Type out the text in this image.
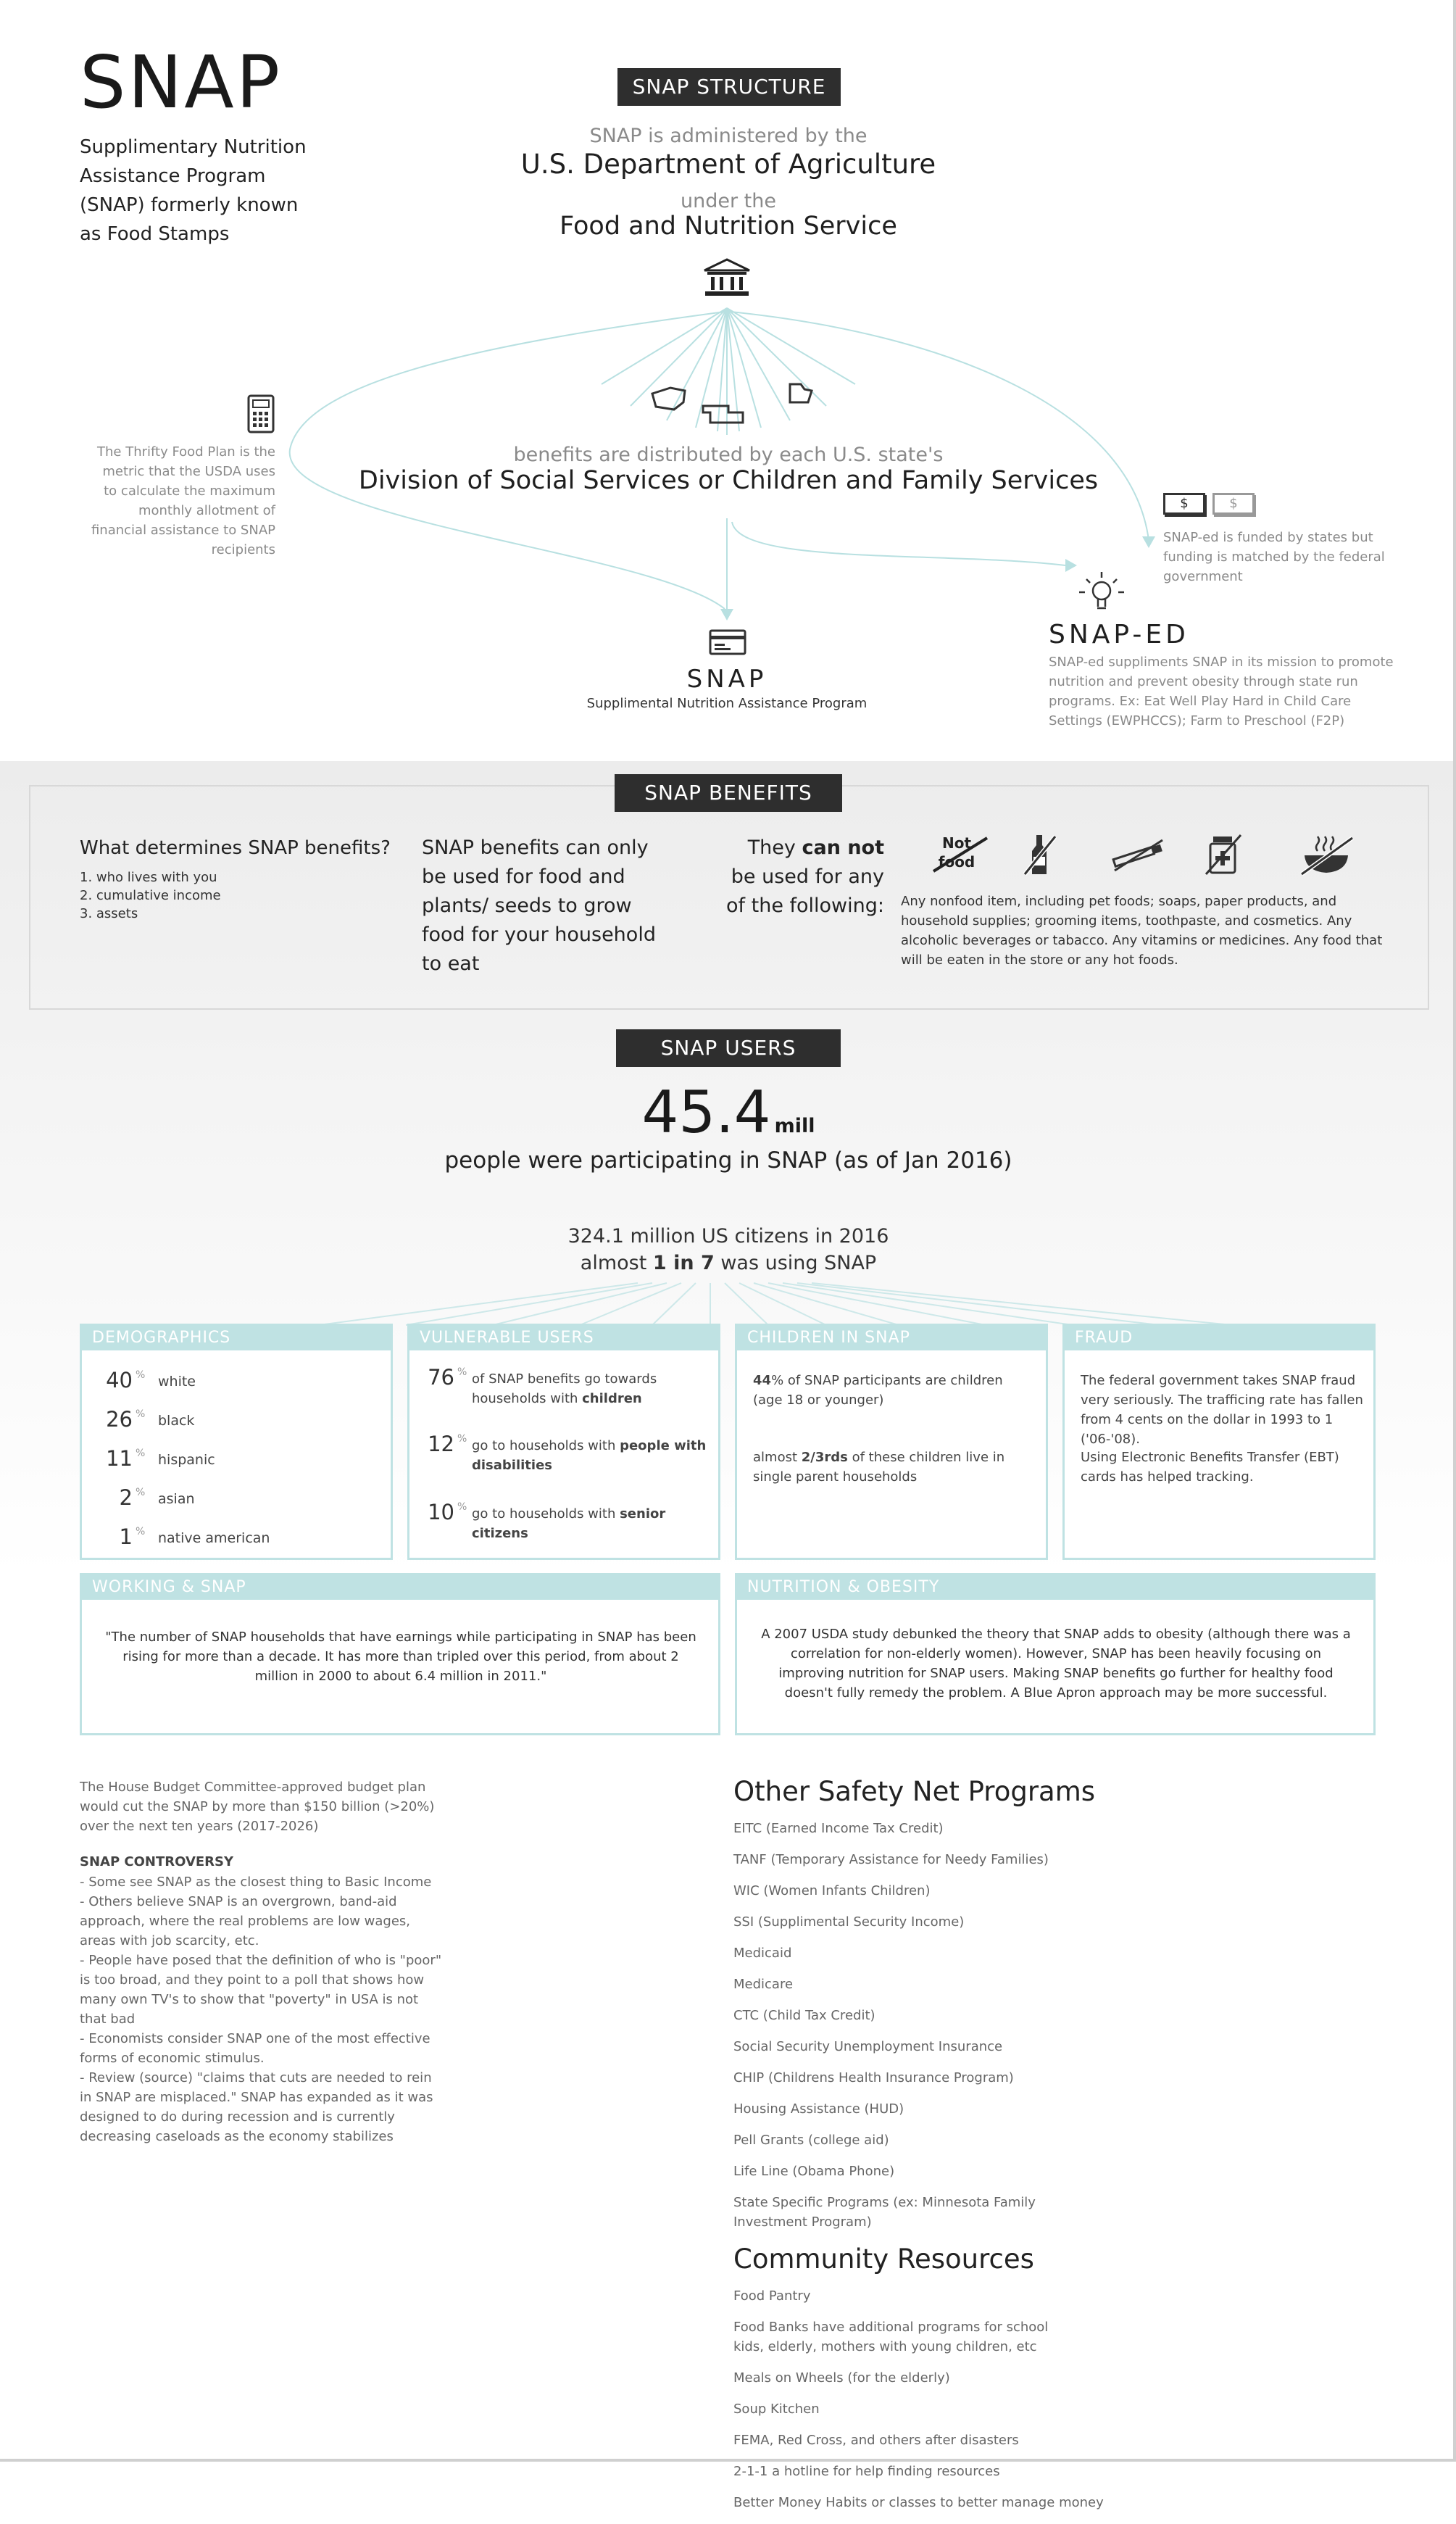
SNAP
Supplimentary Nutrition Assistance Program (SNAP) formerly known as Food Stamps
SNAP STRUCTURE
SNAP is administered by the
U.S. Department of Agriculture
under the
Food and Nutrition Service
benefits are distributed by each U.S. state's
Division of Social Services or Children and Family Services
The Thrifty Food Plan is the metric that the USDA uses to calculate the maximum monthly allotment of financial assistance to SNAP recipients
$	$
SNAP-ed is funded by states but funding is matched by the federal government
SNAP
Supplimental Nutrition Assistance Program
SNAP-ED
SNAP-ed suppliments SNAP in its mission to promote nutrition and prevent obesity through state run programs. Ex: Eat Well Play Hard in Child Care Settings (EWPHCCS); Farm to Preschool (F2P)
SNAP BENEFITS
What determines SNAP benefits?
1. who lives with you
2. cumulative income
3. assets
SNAP benefits can only be used for food and plants/ seeds to grow food for your household to eat
They can not be used for any of the following:
Not food
Any nonfood item, including pet foods; soaps, paper products, and household supplies; grooming items, toothpaste, and cosmetics. Any alcoholic beverages or tabacco. Any vitamins or medicines. Any food that will be eaten in the store or any hot foods.
SNAP USERS
45.4 mill
people were participating in SNAP (as of Jan 2016)
324.1 million US citizens in 2016
almost 1 in 7 was using SNAP
DEMOGRAPHICS
40 % white
26 % black
11 % hispanic
2 % asian
1 % native american
VULNERABLE USERS
76 % of SNAP benefits go towards households with children
12 % go to households with people with disabilities
10 % go to households with senior citizens
CHILDREN IN SNAP
44% of SNAP participants are children (age 18 or younger)
almost 2/3rds of these children live in single parent households
FRAUD
The federal government takes SNAP fraud very seriously. The trafficing rate has fallen from 4 cents on the dollar in 1993 to 1 ('06-'08).
Using Electronic Benefits Transfer (EBT) cards has helped tracking.
WORKING & SNAP
"The number of SNAP households that have earnings while participating in SNAP has been rising for more than a decade. It has more than tripled over this period, from about 2 million in 2000 to about 6.4 million in 2011."
NUTRITION & OBESITY
A 2007 USDA study debunked the theory that SNAP adds to obesity (although there was a correlation for non-elderly women). However, SNAP has been heavily focusing on improving nutrition for SNAP users. Making SNAP benefits go further for healthy food doesn't fully remedy the problem. A Blue Apron approach may be more successful.
The House Budget Committee-approved budget plan would cut the SNAP by more than $150 billion (>20%) over the next ten years (2017-2026)
SNAP CONTROVERSY
- Some see SNAP as the closest thing to Basic Income
- Others believe SNAP is an overgrown, band-aid approach, where the real problems are low wages, areas with job scarcity, etc.
- People have posed that the definition of who is "poor" is too broad, and they point to a poll that shows how many own TV's to show that "poverty" in USA is not that bad
- Economists consider SNAP one of the most effective forms of economic stimulus.
- Review (source) "claims that cuts are needed to rein in SNAP are misplaced." SNAP has expanded as it was designed to do during recession and is currently decreasing caseloads as the economy stabilizes
Other Safety Net Programs
EITC (Earned Income Tax Credit)
TANF (Temporary Assistance for Needy Families)
WIC (Women Infants Children)
SSI (Supplimental Security Income)
Medicaid
Medicare
CTC (Child Tax Credit)
Social Security Unemployment Insurance
CHIP (Childrens Health Insurance Program)
Housing Assistance (HUD)
Pell Grants (college aid)
Life Line (Obama Phone)
State Specific Programs (ex: Minnesota Family Investment Program)
Community Resources
Food Pantry
Food Banks have additional programs for school kids, elderly, mothers with young children, etc
Meals on Wheels (for the elderly)
Soup Kitchen
FEMA, Red Cross, and others after disasters
2-1-1 a hotline for help finding resources
Better Money Habits or classes to better manage money
